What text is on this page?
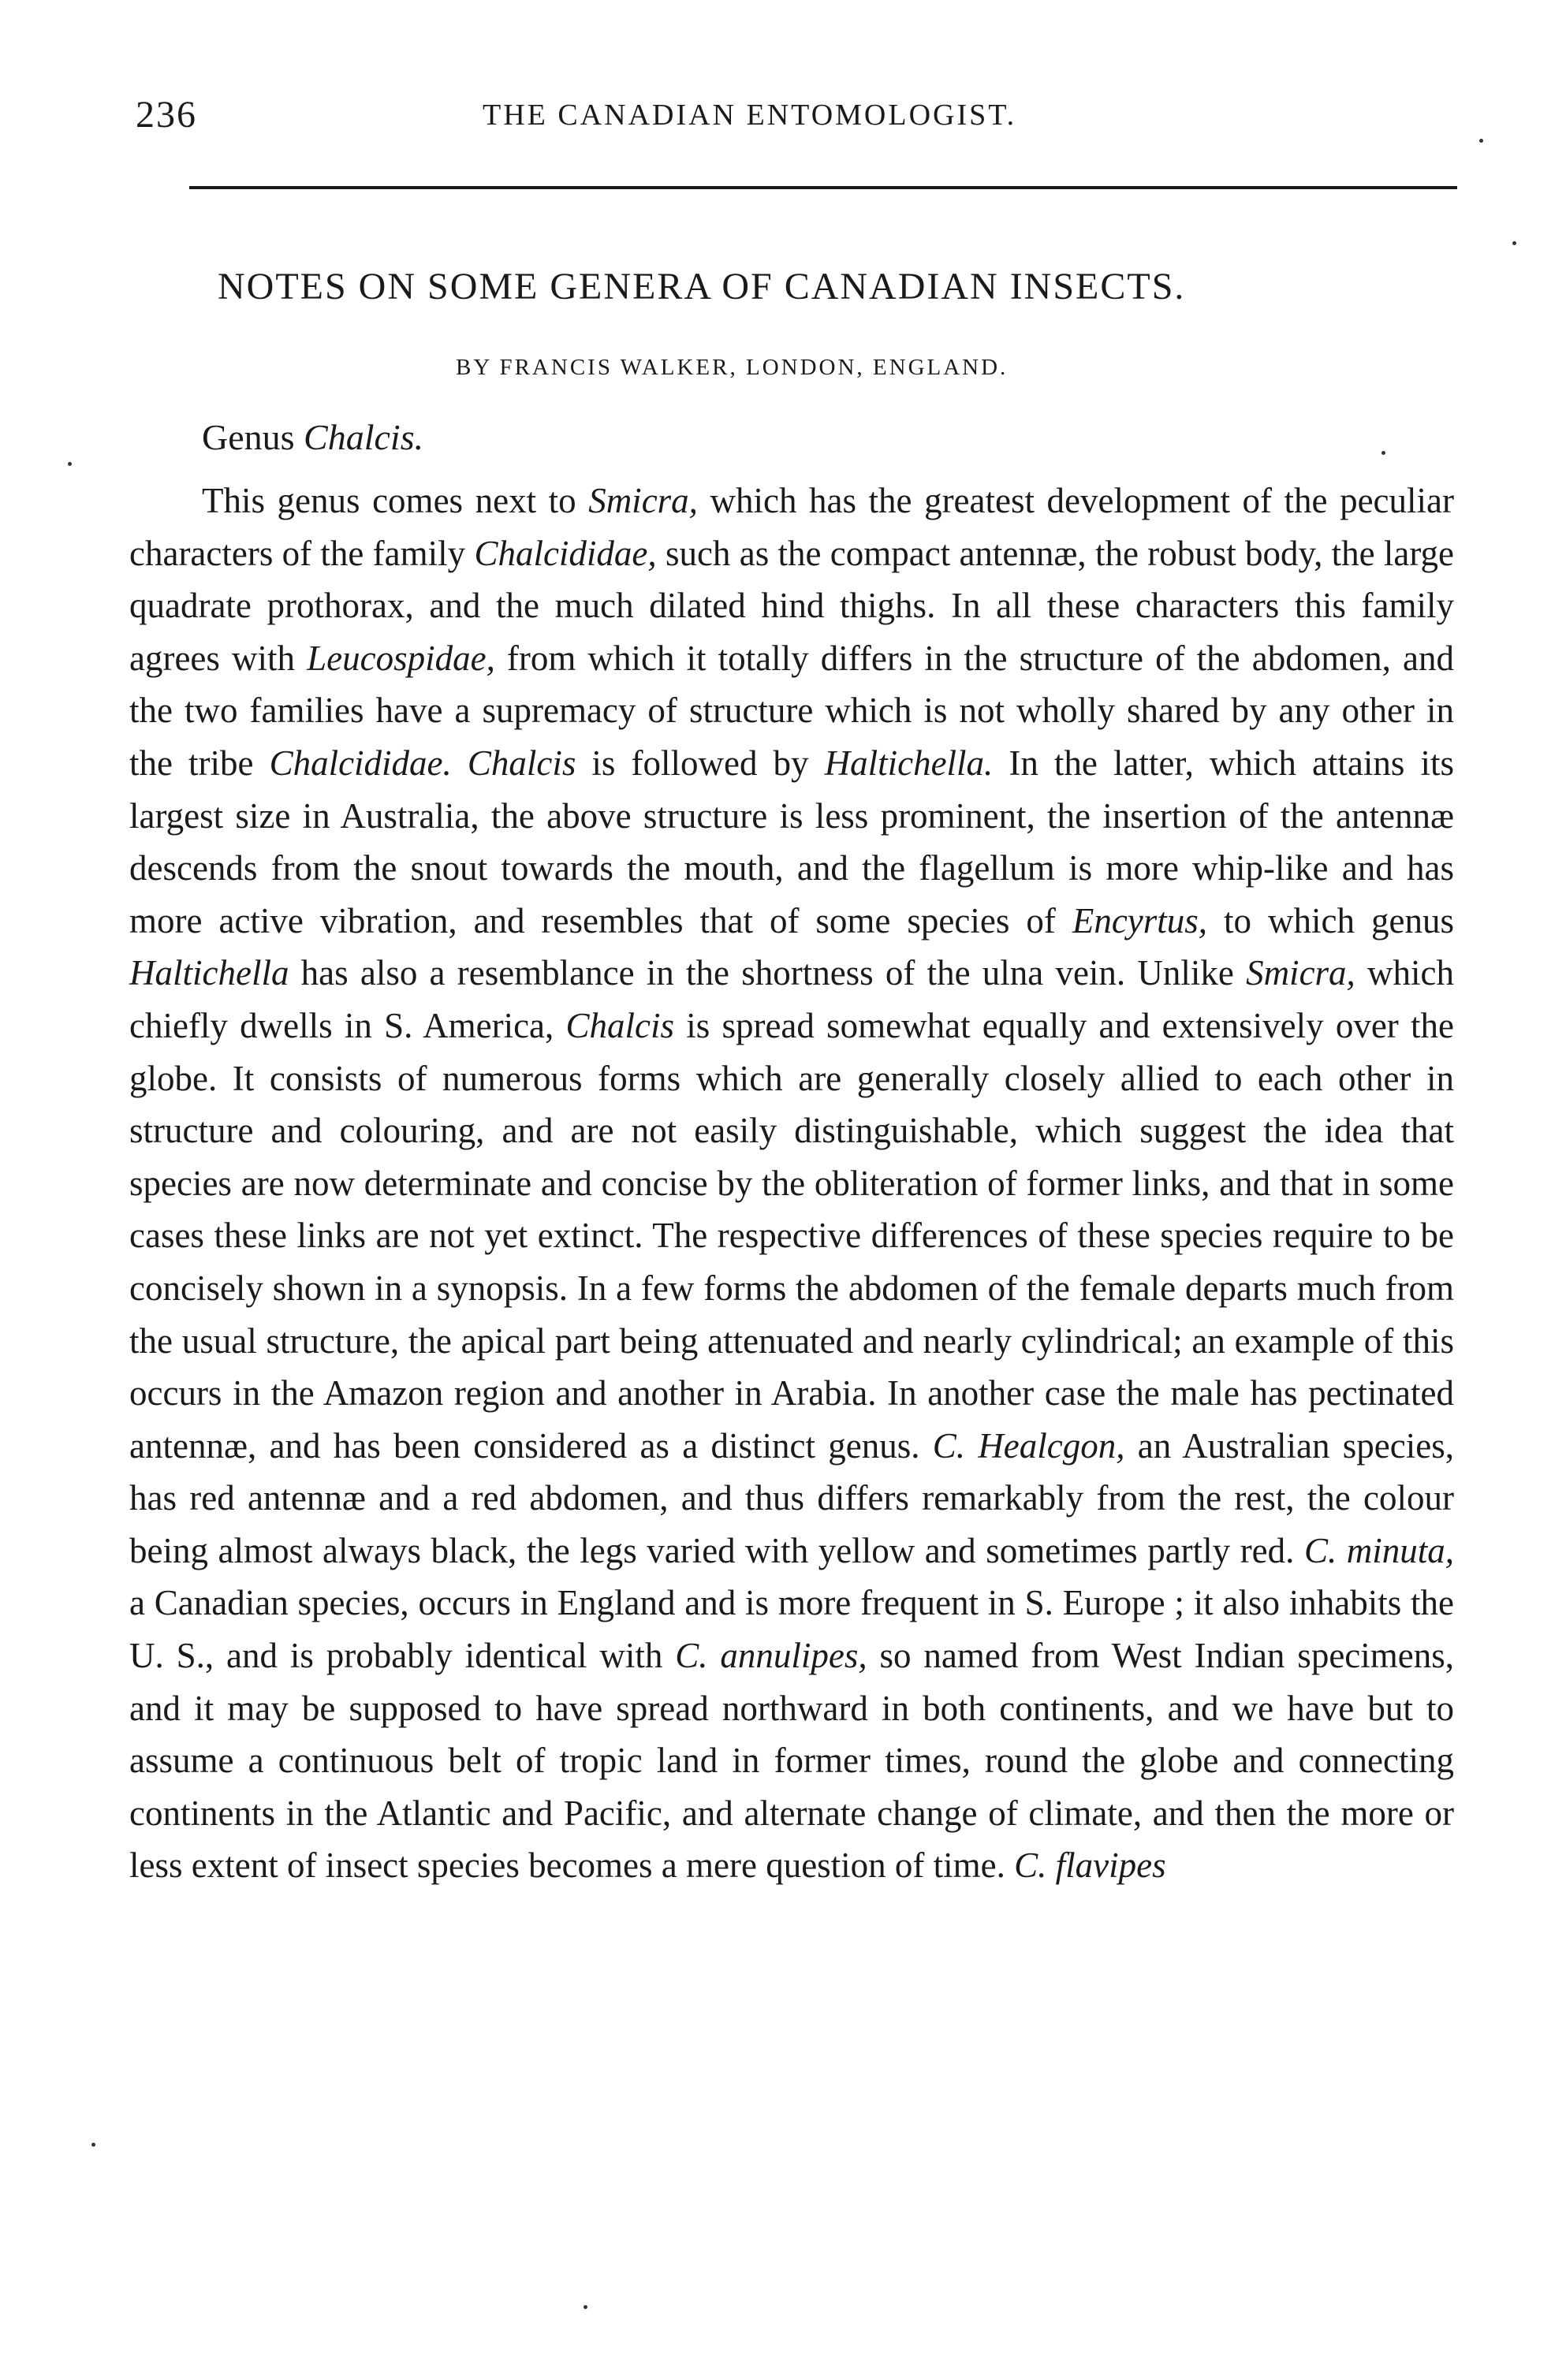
236	THE CANADIAN ENTOMOLOGIST.
NOTES ON SOME GENERA OF CANADIAN INSECTS.
BY FRANCIS WALKER, LONDON, ENGLAND.
Genus Chalcis.

This genus comes next to Smicra, which has the greatest development of the peculiar characters of the family Chalcididae, such as the compact antennæ, the robust body, the large quadrate prothorax, and the much dilated hind thighs. In all these characters this family agrees with Leucospidae, from which it totally differs in the structure of the abdomen, and the two families have a supremacy of structure which is not wholly shared by any other in the tribe Chalcididae. Chalcis is followed by Haltichella. In the latter, which attains its largest size in Australia, the above structure is less prominent, the insertion of the antennæ descends from the snout towards the mouth, and the flagellum is more whip-like and has more active vibration, and resembles that of some species of Encyrtus, to which genus Haltichella has also a resemblance in the shortness of the ulna vein. Unlike Smicra, which chiefly dwells in S. America, Chalcis is spread somewhat equally and extensively over the globe. It consists of numerous forms which are generally closely allied to each other in structure and colouring, and are not easily distinguishable, which suggest the idea that species are now determinate and concise by the obliteration of former links, and that in some cases these links are not yet extinct. The respective differences of these species require to be concisely shown in a synopsis. In a few forms the abdomen of the female departs much from the usual structure, the apical part being attenuated and nearly cylindrical; an example of this occurs in the Amazon region and another in Arabia. In another case the male has pectinated antennæ, and has been considered as a distinct genus. C. Healcgon, an Australian species, has red antennæ and a red abdomen, and thus differs remarkably from the rest, the colour being almost always black, the legs varied with yellow and sometimes partly red. C. minuta, a Canadian species, occurs in England and is more frequent in S. Europe ; it also inhabits the U. S., and is probably identical with C. annulipes, so named from West Indian specimens, and it may be supposed to have spread northward in both continents, and we have but to assume a continuous belt of tropic land in former times, round the globe and connecting continents in the Atlantic and Pacific, and alternate change of climate, and then the more or less extent of insect species becomes a mere question of time. C. flavipes
